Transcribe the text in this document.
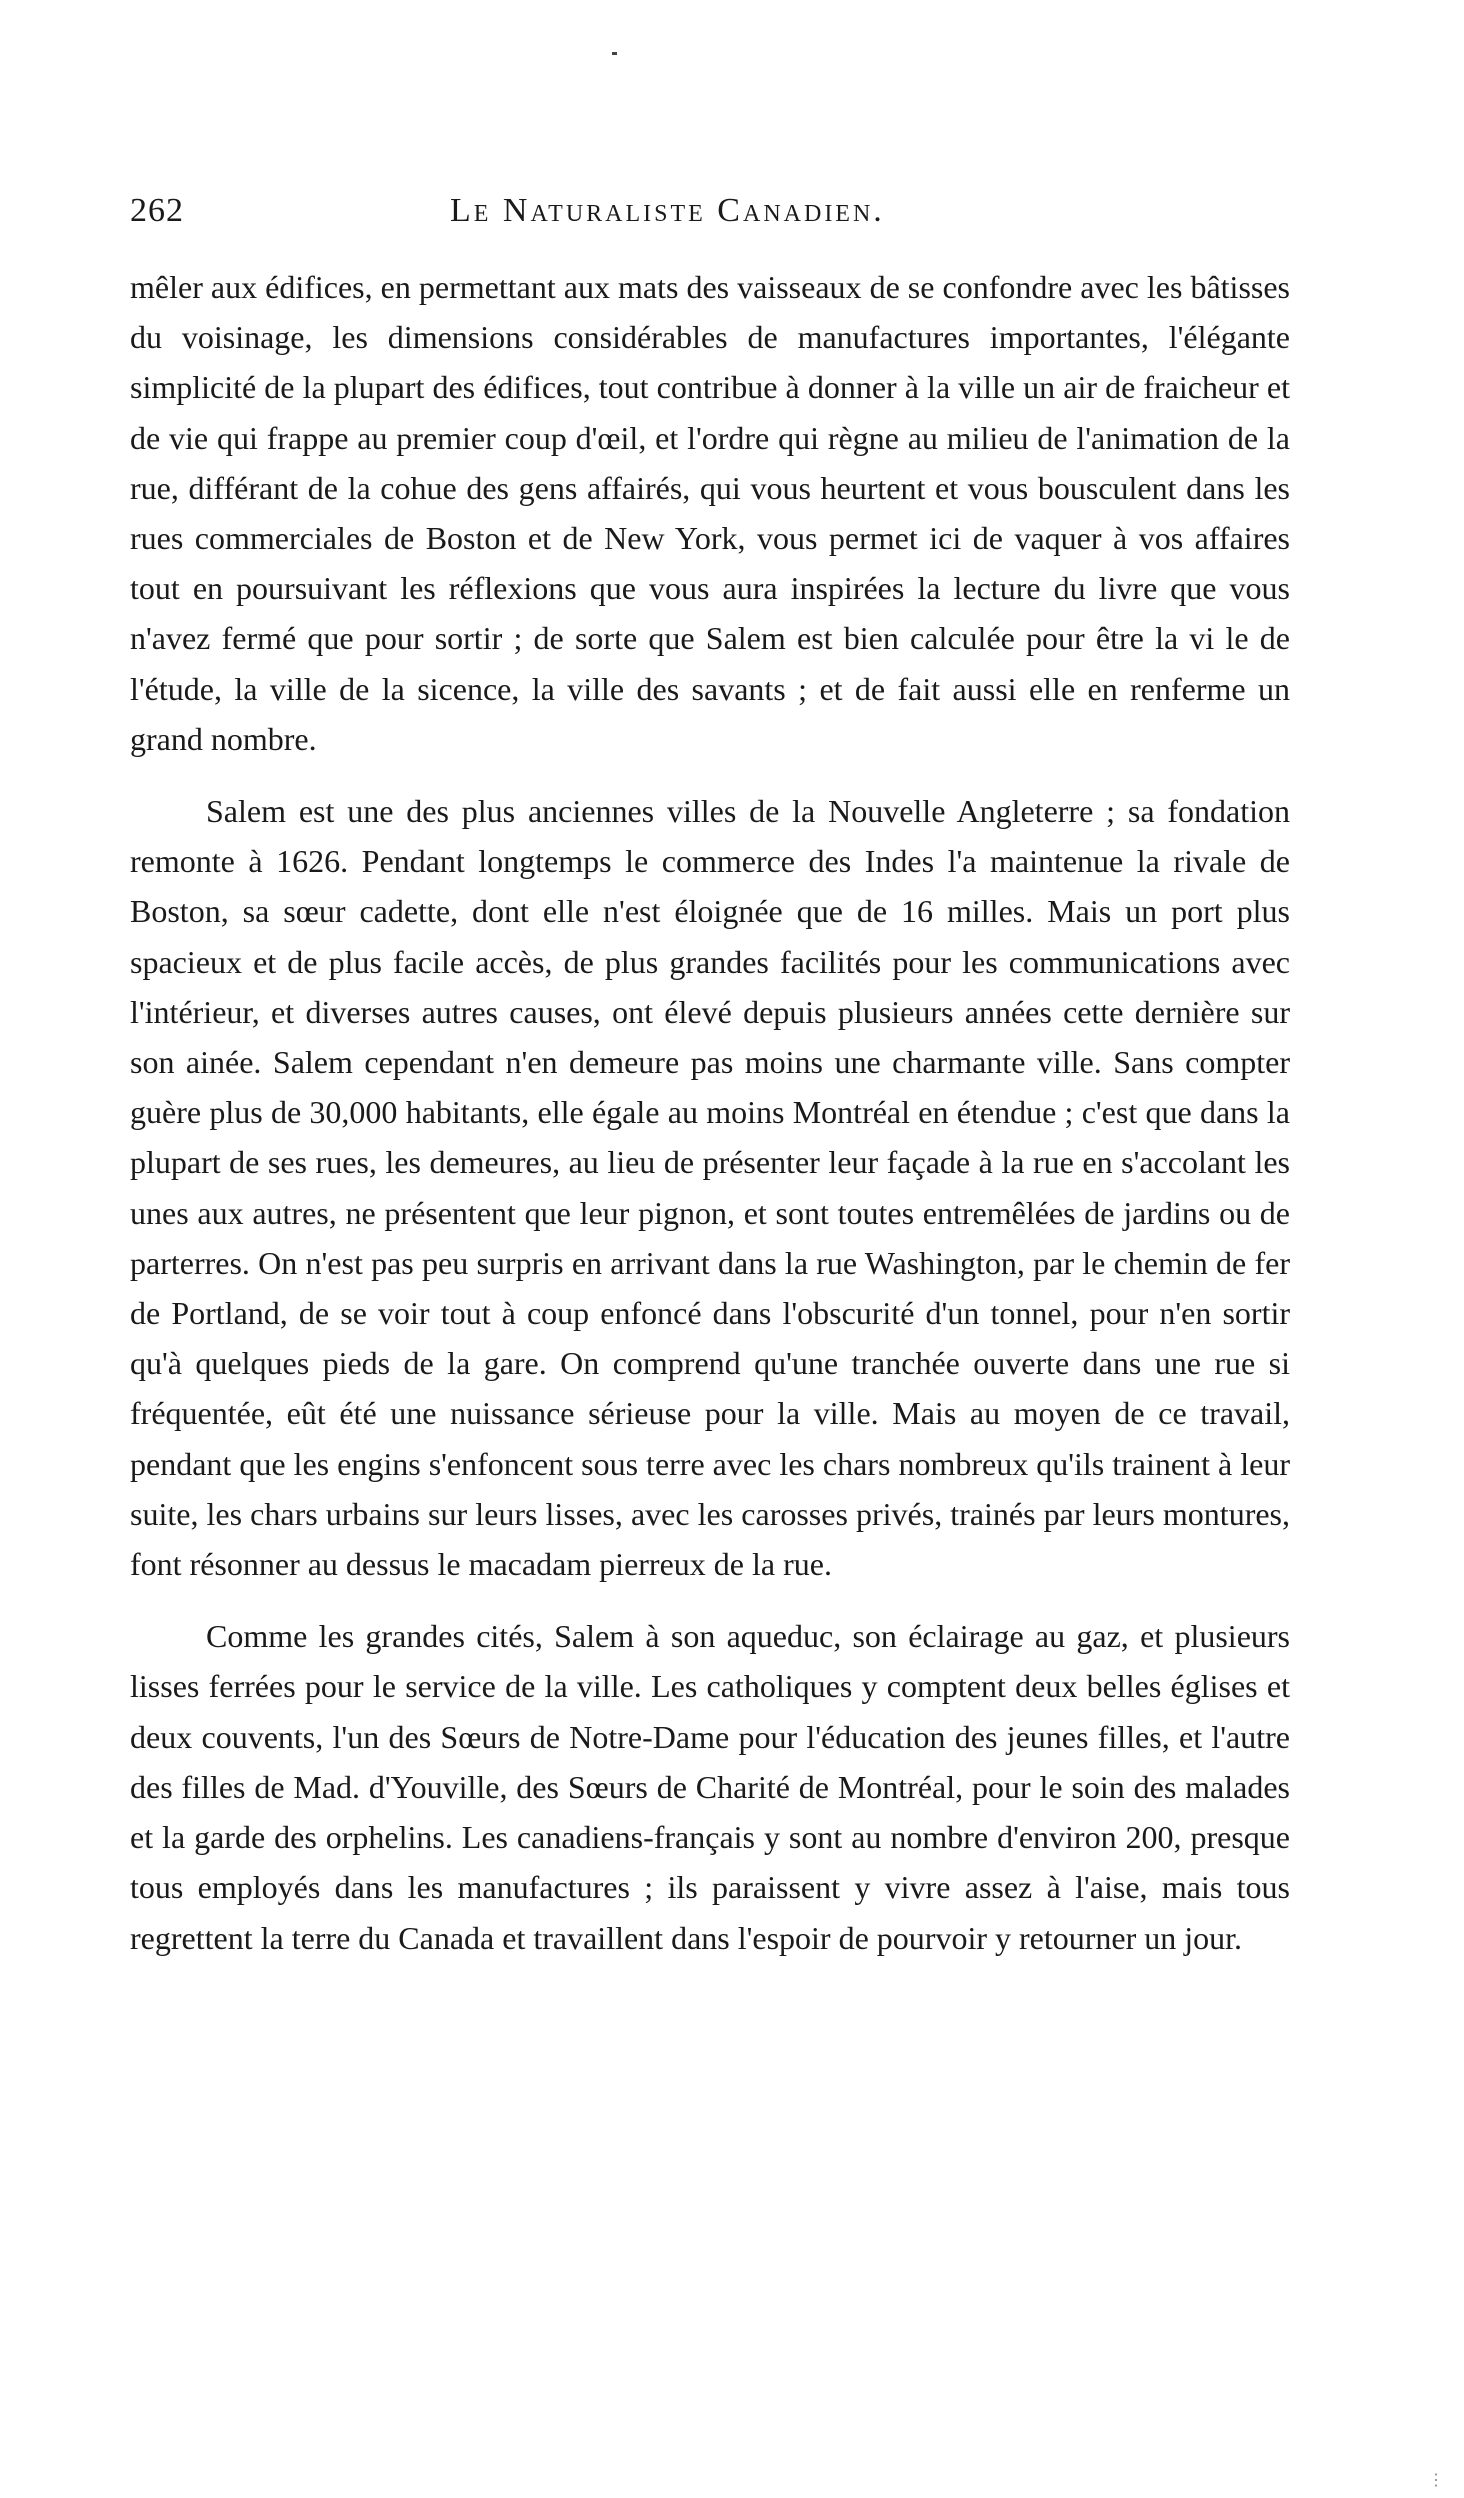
262	Le Naturaliste Canadien.

mêler aux édifices, en permettant aux mats des vaisseaux de se confondre avec les bâtisses du voisinage, les dimensions considérables de manufactures importantes, l'élégante simplicité de la plupart des édifices, tout contribue à donner à la ville un air de fraicheur et de vie qui frappe au premier coup d'œil, et l'ordre qui règne au milieu de l'animation de la rue, différant de la cohue des gens affairés, qui vous heurtent et vous bousculent dans les rues commerciales de Boston et de New York, vous permet ici de vaquer à vos affaires tout en poursuivant les réflexions que vous aura inspirées la lecture du livre que vous n'avez fermé que pour sortir ; de sorte que Salem est bien calculée pour être la vi le de l'étude, la ville de la sicence, la ville des savants ; et de fait aussi elle en renferme un grand nombre.

Salem est une des plus anciennes villes de la Nouvelle Angleterre ; sa fondation remonte à 1626. Pendant longtemps le commerce des Indes l'a maintenue la rivale de Boston, sa sœur cadette, dont elle n'est éloignée que de 16 milles. Mais un port plus spacieux et de plus facile accès, de plus grandes facilités pour les communications avec l'intérieur, et diverses autres causes, ont élevé depuis plusieurs années cette dernière sur son ainée. Salem cependant n'en demeure pas moins une charmante ville. Sans compter guère plus de 30,000 habitants, elle égale au moins Montréal en étendue ; c'est que dans la plupart de ses rues, les demeures, au lieu de présenter leur façade à la rue en s'accolant les unes aux autres, ne présentent que leur pignon, et sont toutes entremêlées de jardins ou de parterres. On n'est pas peu surpris en arrivant dans la rue Washington, par le chemin de fer de Portland, de se voir tout à coup enfoncé dans l'obscurité d'un tonnel, pour n'en sortir qu'à quelques pieds de la gare. On comprend qu'une tranchée ouverte dans une rue si fréquentée, eût été une nuissance sérieuse pour la ville. Mais au moyen de ce travail, pendant que les engins s'enfoncent sous terre avec les chars nombreux qu'ils trainent à leur suite, les chars urbains sur leurs lisses, avec les carosses privés, trainés par leurs montures, font résonner au dessus le macadam pierreux de la rue.

Comme les grandes cités, Salem à son aqueduc, son éclairage au gaz, et plusieurs lisses ferrées pour le service de la ville. Les catholiques y comptent deux belles églises et deux couvents, l'un des Sœurs de Notre-Dame pour l'éducation des jeunes filles, et l'autre des filles de Mad. d'Youville, des Sœurs de Charité de Montréal, pour le soin des malades et la garde des orphelins. Les canadiens-français y sont au nombre d'environ 200, presque tous employés dans les manufactures ; ils paraissent y vivre assez à l'aise, mais tous regrettent la terre du Canada et travaillent dans l'espoir de pourvoir y retourner un jour.

⋮
